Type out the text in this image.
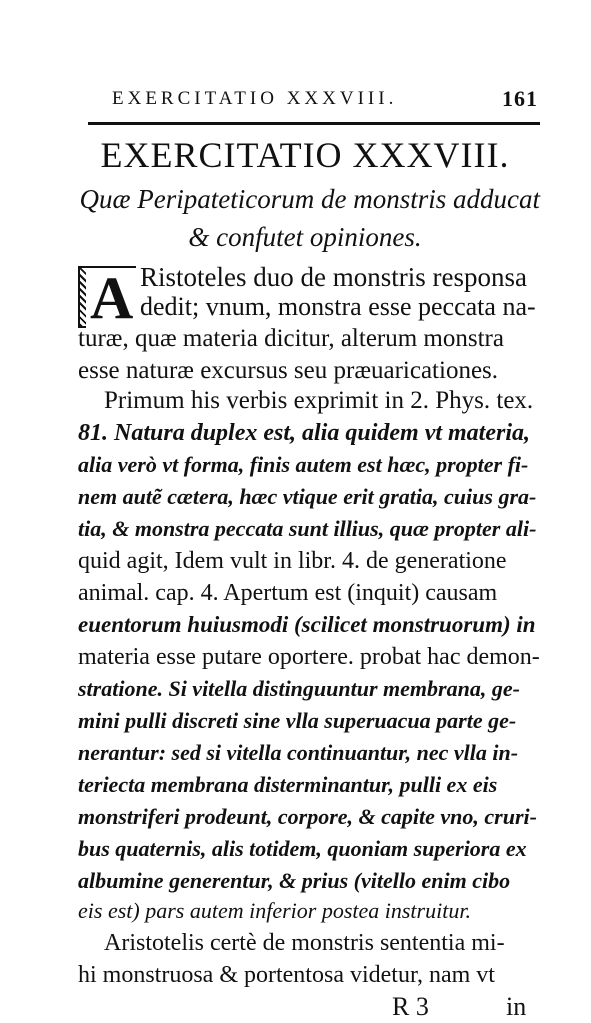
EXERCITATIO XXXVIII.	161
EXERCITATIO XXXVIII.
Quæ Peripateticorum de monstris adducat
& confutet opiniones.
A Ristoteles duo de monstris responsa
dedit; vnum, monstra esse peccata na-
turæ, quæ materia dicitur, alterum monstra
esse naturæ excursus seu præuaricationes.
Primum his verbis exprimit in 2. Phys. tex.
81. Natura duplex est, alia quidem vt materia,
alia verò vt forma, finis autem est hæc, propter fi-
nem autẽ cætera, hæc vtique erit gratia, cuius gra-
tia, & monstra peccata sunt illius, quæ propter ali-
quid agit, Idem vult in libr. 4. de generatione
animal. cap. 4. Apertum est (inquit) causam
euentorum huiusmodi (scilicet monstruorum) in
materia esse putare oportere. probat hac demon-
stratione. Si vitella distinguuntur membrana, ge-
mini pulli discreti sine vlla superuacua parte ge-
nerantur: sed si vitella continuantur, nec vlla in-
teriecta membrana disterminantur, pulli ex eis
monstriferi prodeunt, corpore, & capite vno, cruri-
bus quaternis, alis totidem, quoniam superiora ex
albumine generentur, & prius (vitello enim cibo
eis est) pars autem inferior postea instruitur.
Aristotelis certè de monstris sententia mi-
hi monstruosa & portentosa videtur, nam vt
R 3	in
